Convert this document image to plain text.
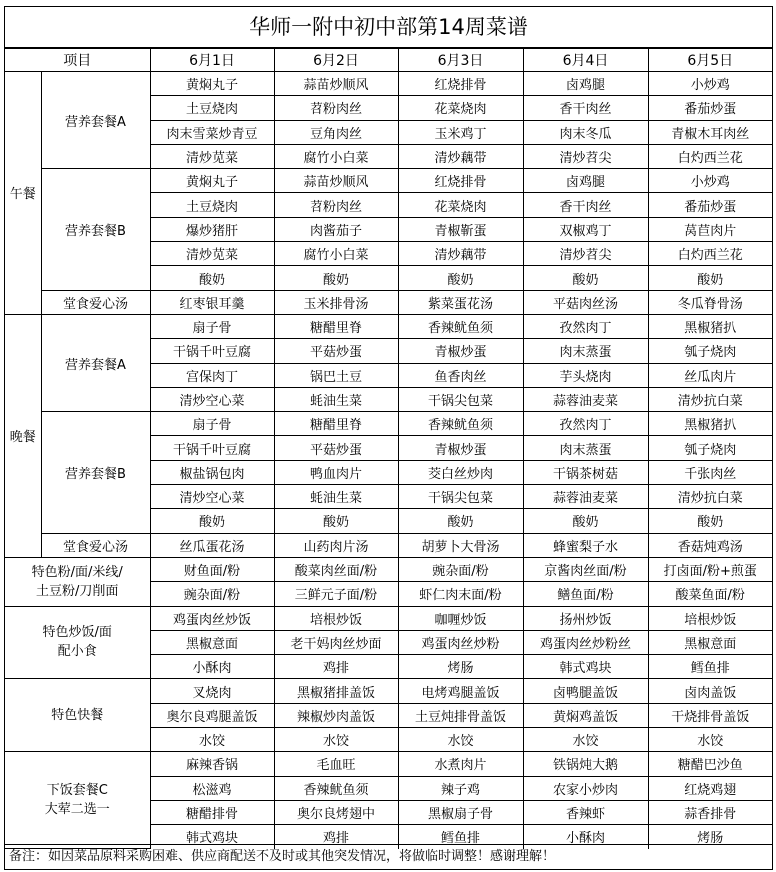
华师一附中初中部第14周菜谱
项目		6月1日	6月2日	6月3日	6月4日	6月5日
午餐	营养套餐A	黄焖丸子	蒜苗炒顺风	红烧排骨	卤鸡腿	小炒鸡
		土豆烧肉	苕粉肉丝	花菜烧肉	香干肉丝	番茄炒蛋
		肉末雪菜炒青豆	豆角肉丝	玉米鸡丁	肉末冬瓜	青椒木耳肉丝
		清炒苋菜	腐竹小白菜	清炒藕带	清炒苕尖	白灼西兰花
	营养套餐B	黄焖丸子	蒜苗炒顺风	红烧排骨	卤鸡腿	小炒鸡
		土豆烧肉	苕粉肉丝	花菜烧肉	香干肉丝	番茄炒蛋
		爆炒猪肝	肉酱茄子	青椒靳蛋	双椒鸡丁	莴苣肉片
		清炒苋菜	腐竹小白菜	清炒藕带	清炒苕尖	白灼西兰花
		酸奶	酸奶	酸奶	酸奶	酸奶
	堂食爱心汤	红枣银耳羹	玉米排骨汤	紫菜蛋花汤	平菇肉丝汤	冬瓜脊骨汤
晚餐	营养套餐A	扇子骨	糖醋里脊	香辣鱿鱼须	孜然肉丁	黑椒猪扒
		干锅千叶豆腐	平菇炒蛋	青椒炒蛋	肉末蒸蛋	瓠子烧肉
		宫保肉丁	锅巴土豆	鱼香肉丝	芋头烧肉	丝瓜肉片
		清炒空心菜	蚝油生菜	干锅尖包菜	蒜蓉油麦菜	清炒抗白菜
	营养套餐B	扇子骨	糖醋里脊	香辣鱿鱼须	孜然肉丁	黑椒猪扒
		干锅千叶豆腐	平菇炒蛋	青椒炒蛋	肉末蒸蛋	瓠子烧肉
		椒盐锅包肉	鸭血肉片	茭白丝炒肉	干锅茶树菇	千张肉丝
		清炒空心菜	蚝油生菜	干锅尖包菜	蒜蓉油麦菜	清炒抗白菜
		酸奶	酸奶	酸奶	酸奶	酸奶
	堂食爱心汤	丝瓜蛋花汤	山药肉片汤	胡萝卜大骨汤	蜂蜜梨子水	香菇炖鸡汤

特色粉/面/米线/
土豆粉/刀削面		财鱼面/粉	酸菜肉丝面/粉	豌杂面/粉	京酱肉丝面/粉	打卤面/粉+煎蛋
		豌杂面/粉	三鲜元子面/粉	虾仁肉末面/粉	鳝鱼面/粉	酸菜鱼面/粉

特色炒饭/面
配小食		鸡蛋肉丝炒饭	培根炒饭	咖喱炒饭	扬州炒饭	培根炒饭
		黑椒意面	老干妈肉丝炒面	鸡蛋肉丝炒粉	鸡蛋肉丝炒粉丝	黑椒意面
		小酥肉	鸡排	烤肠	韩式鸡块	鳕鱼排
特色快餐		叉烧肉	黑椒猪排盖饭	电烤鸡腿盖饭	卤鸭腿盖饭	卤肉盖饭
		奥尔良鸡腿盖饭	辣椒炒肉盖饭	土豆炖排骨盖饭	黄焖鸡盖饭	干烧排骨盖饭
		水饺	水饺	水饺	水饺	水饺

下饭套餐C
大荤二选一		麻辣香锅	毛血旺	水煮肉片	铁锅炖大鹅	糖醋巴沙鱼
		松滋鸡	香辣鱿鱼须	辣子鸡	农家小炒肉	红烧鸡翅
		糖醋排骨	奥尔良烤翅中	黑椒扇子骨	香辣虾	蒜香排骨
		韩式鸡块	鸡排	鳕鱼排	小酥肉	烤肠
备注：如因菜品原料采购困难、供应商配送不及时或其他突发情况，将做临时调整！感谢理解！
